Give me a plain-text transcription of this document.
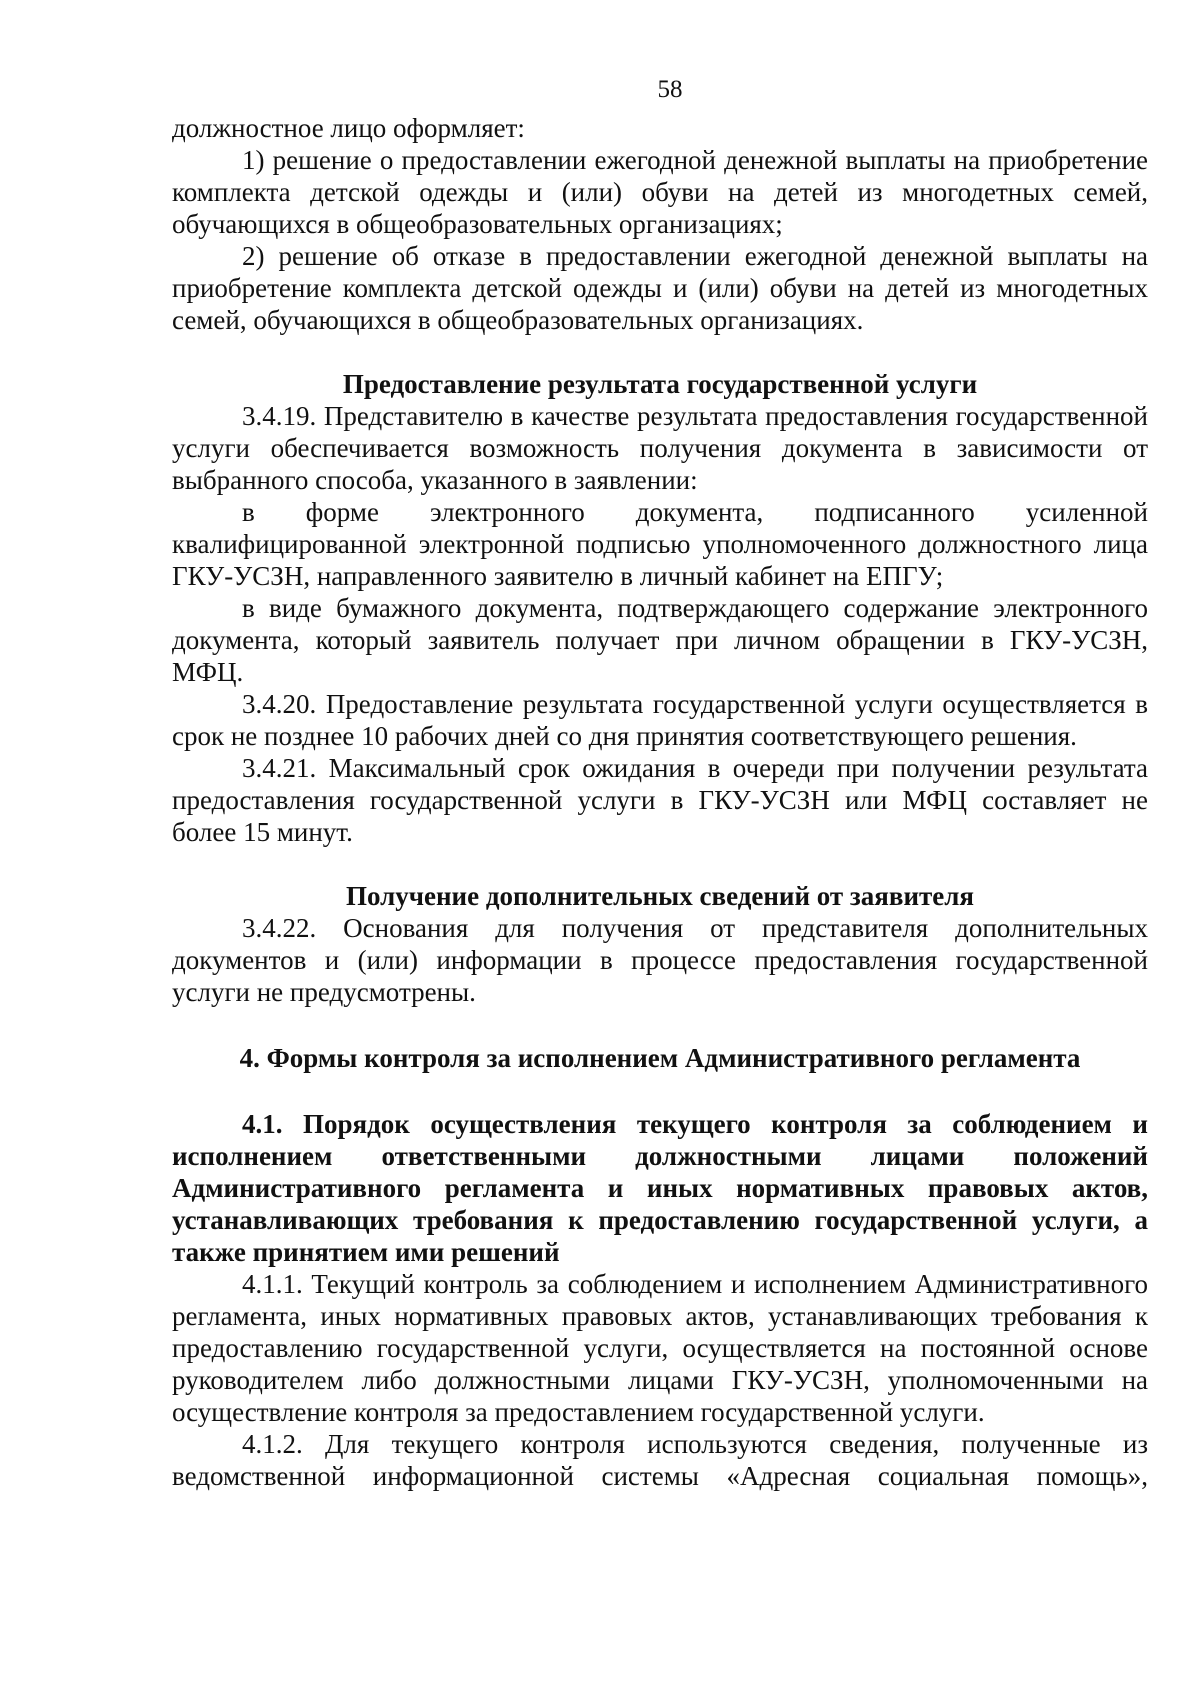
58

должностное лицо оформляет:

1) решение о предоставлении ежегодной денежной выплаты на приобретение комплекта детской одежды и (или) обуви на детей из многодетных семей, обучающихся в общеобразовательных организациях;

2) решение об отказе в предоставлении ежегодной денежной выплаты на приобретение комплекта детской одежды и (или) обуви на детей из многодетных семей, обучающихся в общеобразовательных организациях.

Предоставление результата государственной услуги

3.4.19. Представителю в качестве результата предоставления государственной услуги обеспечивается возможность получения документа в зависимости от выбранного способа, указанного в заявлении:

в форме электронного документа, подписанного усиленной квалифицированной электронной подписью уполномоченного должностного лица ГКУ-УСЗН, направленного заявителю в личный кабинет на ЕПГУ;

в виде бумажного документа, подтверждающего содержание электронного документа, который заявитель получает при личном обращении в ГКУ-УСЗН, МФЦ.

3.4.20. Предоставление результата государственной услуги осуществляется в срок не позднее 10 рабочих дней со дня принятия соответствующего решения.

3.4.21. Максимальный срок ожидания в очереди при получении результата предоставления государственной услуги в ГКУ-УСЗН или МФЦ составляет не более 15 минут.

Получение дополнительных сведений от заявителя

3.4.22. Основания для получения от представителя дополнительных документов и (или) информации в процессе предоставления государственной услуги не предусмотрены.

4. Формы контроля за исполнением Административного регламента
4.1. Порядок осуществления текущего контроля за соблюдением и исполнением ответственными должностными лицами положений Административного регламента и иных нормативных правовых актов, устанавливающих требования к предоставлению государственной услуги, а также принятием ими решений

4.1.1. Текущий контроль за соблюдением и исполнением Административного регламента, иных нормативных правовых актов, устанавливающих требования к предоставлению государственной услуги, осуществляется на постоянной основе руководителем либо должностными лицами ГКУ-УСЗН, уполномоченными на осуществление контроля за предоставлением государственной услуги.

4.1.2. Для текущего контроля используются сведения, полученные из ведомственной информационной системы «Адресная социальная помощь»,
